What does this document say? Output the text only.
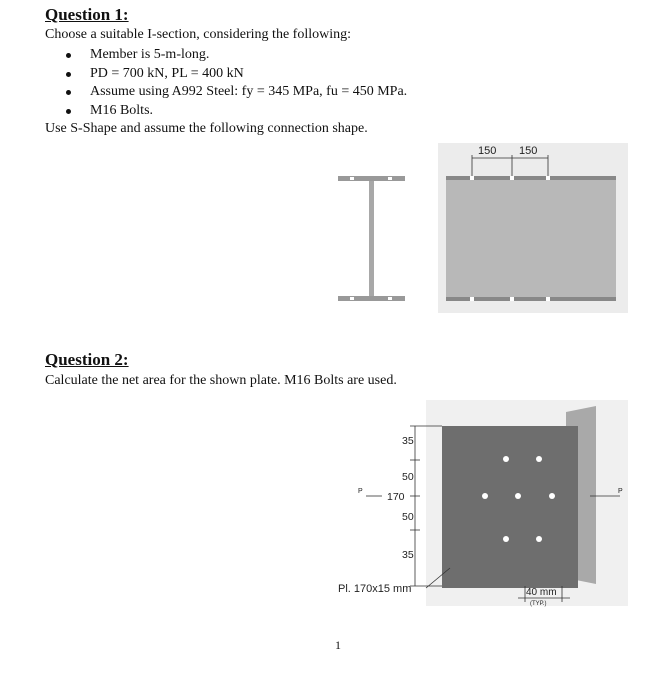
Question 1:
Choose a suitable I-section, considering the following:
Member is 5-m-long.
PD = 700 kN, PL = 400 kN
Assume using A992 Steel: fy = 345 MPa, fu = 450 MPa.
M16 Bolts.
Use S-Shape and assume the following connection shape.
150 150
Question 2:
Calculate the net area for the shown plate. M16 Bolts are used.
35
50
170
50
35
P	P
Pl. 170x15 mm	40 mm
(TYP.)
1
